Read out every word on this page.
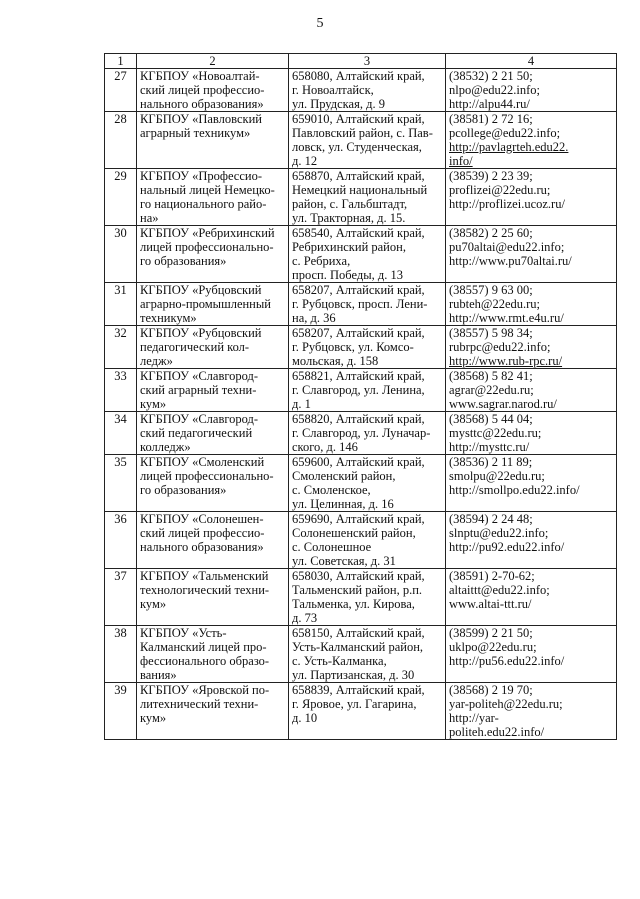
5
1	2	3	4
27	КГБПОУ «Новоалтай-
ский лицей профессио-
нального образования»	658080, Алтайский край,
г. Новоалтайск,
ул. Прудская, д. 9	(38532) 2 21 50;
nlpo@edu22.info;
http://alpu44.ru/

28	КГБПОУ «Павловский
аграрный техникум»	659010, Алтайский край,
Павловский район, с. Пав-
ловск, ул. Студенческая,
д. 12	(38581) 2 72 16;
pcollege@edu22.info;
http://pavlagrteh.edu22.
info/

29	КГБПОУ «Профессио-
нальный лицей Немецко-
го национального райо-
на»	658870, Алтайский край,
Немецкий национальный
район, с. Гальбштадт,
ул. Тракторная, д. 15.	(38539) 2 23 39;
proflizei@22edu.ru;
http://proflizei.ucoz.ru/

30	КГБПОУ «Ребрихинский
лицей профессионально-
го образования»	658540, Алтайский край,
Ребрихинский район,
с. Ребриха,
просп. Победы, д. 13	(38582) 2 25 60;
pu70altai@edu22.info;
http://www.pu70altai.ru/

31	КГБПОУ «Рубцовский
аграрно-промышленный
техникум»	658207, Алтайский край,
г. Рубцовск, просп. Лени-
на, д. 36	(38557) 9 63 00;
rubteh@22edu.ru;
http://www.rmt.e4u.ru/

32	КГБПОУ «Рубцовский
педагогический кол-
ледж»	658207, Алтайский край,
г. Рубцовск, ул. Комсо-
мольская, д. 158	(38557) 5 98 34;
rubrpc@edu22.info;
http://www.rub-rpc.ru/

33	КГБПОУ «Славгород-
ский аграрный техни-
кум»	658821, Алтайский край,
г. Славгород, ул. Ленина,
д. 1	(38568) 5 82 41;
agrar@22edu.ru;
www.sagrar.narod.ru/

34	КГБПОУ «Славгород-
ский педагогический
колледж»	658820, Алтайский край,
г. Славгород, ул. Луначар-
ского, д. 146	(38568) 5 44 04;
mysttc@22edu.ru;
http://mysttc.ru/

35	КГБПОУ «Смоленский
лицей профессионально-
го образования»	659600, Алтайский край,
Смоленский район,
с. Смоленское,
ул. Целинная, д. 16	(38536) 2 11 89;
smolpu@22edu.ru;
http://smollpo.edu22.info/

36	КГБПОУ «Солонешен-
ский лицей профессио-
нального образования»	659690, Алтайский край,
Солонешенский район,
с. Солонешное
ул. Советская, д. 31	(38594) 2 24 48;
slnptu@edu22.info;
http://pu92.edu22.info/

37	КГБПОУ «Тальменский
технологический техни-
кум»	658030, Алтайский край,
Тальменский район, р.п.
Тальменка, ул. Кирова,
д. 73	(38591) 2-70-62;
altaittt@edu22.info;
www.altai-ttt.ru/

38	КГБПОУ «Усть-
Калманский лицей про-
фессионального образо-
вания»	658150, Алтайский край,
Усть-Калманский район,
с. Усть-Калманка,
ул. Партизанская, д. 30	(38599) 2 21 50;
uklpo@22edu.ru;
http://pu56.edu22.info/

39	КГБПОУ «Яровской по-
литехнический техни-
кум»	658839, Алтайский край,
г. Яровое, ул. Гагарина,
д. 10	(38568) 2 19 70;
yar-politeh@22edu.ru;
http://yar-
politeh.edu22.info/
